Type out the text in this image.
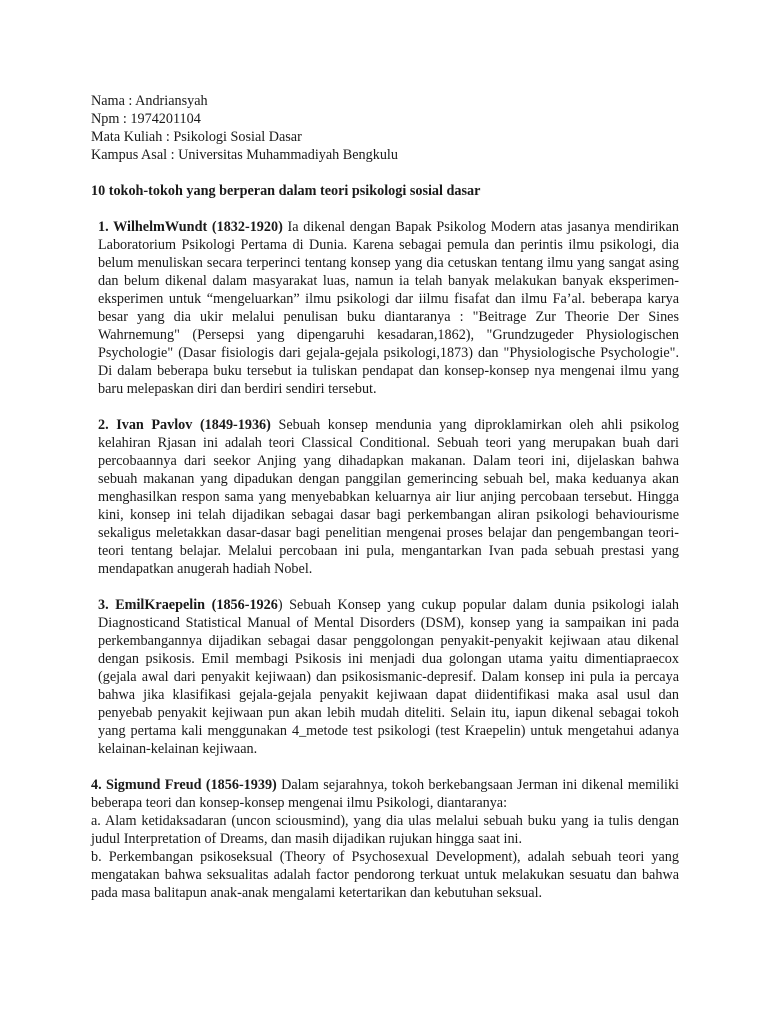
Nama : Andriansyah

Npm : 1974201104

Mata Kuliah : Psikologi Sosial Dasar

Kampus Asal : Universitas Muhammadiyah Bengkulu

10 tokoh-tokoh yang berperan dalam teori psikologi sosial dasar

1. WilhelmWundt (1832-1920) Ia dikenal dengan Bapak Psikolog Modern atas jasanya mendirikan Laboratorium Psikologi Pertama di Dunia. Karena sebagai pemula dan perintis ilmu psikologi, dia belum menuliskan secara terperinci tentang konsep yang dia cetuskan tentang ilmu yang sangat asing dan belum dikenal dalam masyarakat luas, namun ia telah banyak melakukan banyak eksperimen-eksperimen untuk “mengeluarkan” ilmu psikologi dar iilmu fisafat dan ilmu Fa’al. beberapa karya besar yang dia ukir melalui penulisan buku diantaranya : "Beitrage Zur Theorie Der Sines Wahrnemung" (Persepsi yang dipengaruhi kesadaran,1862), "Grundzugeder Physiologischen Psychologie" (Dasar fisiologis dari gejala-gejala psikologi,1873) dan "Physiologische Psychologie". Di dalam beberapa buku tersebut ia tuliskan pendapat dan konsep-konsep nya mengenai ilmu yang baru melepaskan diri dan berdiri sendiri tersebut.

2. Ivan Pavlov (1849-1936) Sebuah konsep mendunia yang diproklamirkan oleh ahli psikolog kelahiran Rjasan ini adalah teori Classical Conditional. Sebuah teori yang merupakan buah dari percobaannya dari seekor Anjing yang dihadapkan makanan. Dalam teori ini, dijelaskan bahwa sebuah makanan yang dipadukan dengan panggilan gemerincing sebuah bel, maka keduanya akan menghasilkan respon sama yang menyebabkan keluarnya air liur anjing percobaan tersebut. Hingga kini, konsep ini telah dijadikan sebagai dasar bagi perkembangan aliran psikologi behaviourisme sekaligus meletakkan dasar-dasar bagi penelitian mengenai proses belajar dan pengembangan teori-teori tentang belajar. Melalui percobaan ini pula, mengantarkan Ivan pada sebuah prestasi yang mendapatkan anugerah hadiah Nobel.

3. EmilKraepelin (1856-1926) Sebuah Konsep yang cukup popular dalam dunia psikologi ialah Diagnosticand Statistical Manual of Mental Disorders (DSM), konsep yang ia sampaikan ini pada perkembangannya dijadikan sebagai dasar penggolongan penyakit-penyakit kejiwaan atau dikenal dengan psikosis. Emil membagi Psikosis ini menjadi dua golongan utama yaitu dimentiapraecox (gejala awal dari penyakit kejiwaan) dan psikosismanic-depresif. Dalam konsep ini pula ia percaya bahwa jika klasifikasi gejala-gejala penyakit kejiwaan dapat diidentifikasi maka asal usul dan penyebab penyakit kejiwaan pun akan lebih mudah diteliti. Selain itu, iapun dikenal sebagai tokoh yang pertama kali menggunakan 4_metode test psikologi (test Kraepelin) untuk mengetahui adanya kelainan-kelainan kejiwaan.

4. Sigmund Freud (1856-1939) Dalam sejarahnya, tokoh berkebangsaan Jerman ini dikenal memiliki beberapa teori dan konsep-konsep mengenai ilmu Psikologi, diantaranya:

a. Alam ketidaksadaran (uncon sciousmind), yang dia ulas melalui sebuah buku yang ia tulis dengan judul Interpretation of Dreams, dan masih dijadikan rujukan hingga saat ini.

b. Perkembangan psikoseksual (Theory of Psychosexual Development), adalah sebuah teori yang mengatakan bahwa seksualitas adalah factor pendorong terkuat untuk melakukan sesuatu dan bahwa pada masa balitapun anak-anak mengalami ketertarikan dan kebutuhan seksual.
